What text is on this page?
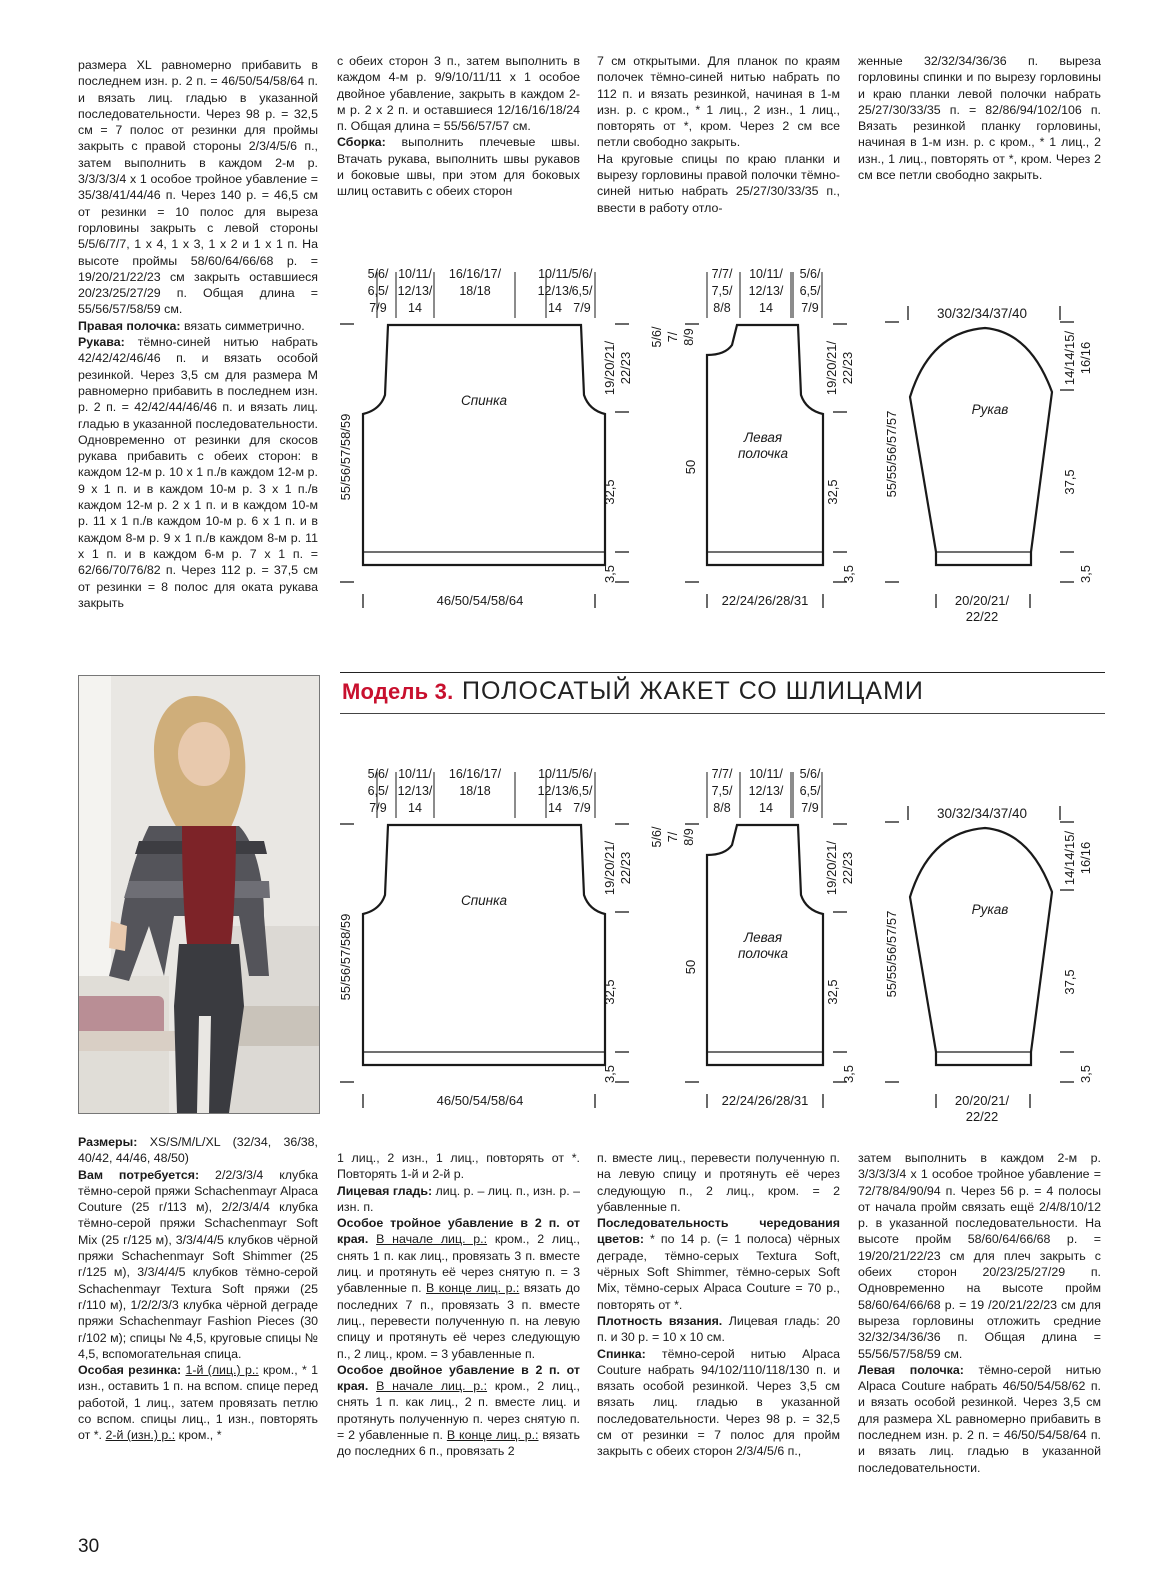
размера XL равномерно прибавить в последнем изн. р. 2 п. = 46/50/54/58/64 п. и вязать лиц. гладью в указанной последовательности. Через 98 р. = 32,5 см = 7 полос от резинки для проймы закрыть с правой стороны 2/3/4/5/6 п., затем выполнить в каждом 2-м р. 3/3/3/3/4 х 1 особое тройное убавление = 35/38/41/44/46 п. Через 140 р. = 46,5 см от резинки = 10 полос для выреза горловины закрыть с левой стороны 5/5/6/7/7, 1 х 4, 1 х 3, 1 х 2 и 1 х 1 п. На высоте проймы 58/60/64/66/68 р. = 19/20/21/22/23 см закрыть оставшиеся 20/23/25/27/29 п. Общая длина = 55/56/57/58/59 см.

Правая полочка: вязать симметрично.

Рукава: тёмно-синей нитью набрать 42/42/42/46/46 п. и вязать особой резинкой. Через 3,5 см для размера M равномерно прибавить в последнем изн. р. 2 п. = 42/42/44/46/46 п. и вязать лиц. гладью в указанной последовательности. Одновременно от резинки для скосов рукава прибавить с обеих сторон: в каждом 12-м р. 10 х 1 п./в каждом 12-м р. 9 х 1 п. и в каждом 10-м р. 3 х 1 п./в каждом 12-м р. 2 х 1 п. и в каждом 10-м р. 11 х 1 п./в каждом 10-м р. 6 х 1 п. и в каждом 8-м р. 9 х 1 п./в каждом 8-м р. 11 х 1 п. и в каждом 6-м р. 7 х 1 п. = 62/66/70/76/82 п. Через 112 р. = 37,5 см от резинки = 8 полос для оката рукава закрыть

с обеих сторон 3 п., затем выполнить в каждом 4-м р. 9/9/10/11/11 х 1 особое двойное убавление, закрыть в каждом 2-м р. 2 х 2 п. и оставшиеся 12/16/16/18/24 п. Общая длина = 55/56/57/57 см.

Сборка: выполнить плечевые швы. Втачать рукава, выполнить швы рукавов и боковые швы, при этом для боковых шлиц оставить с обеих сторон

7 см открытыми. Для планок по краям полочек тёмно-синей нитью набрать по 112 п. и вязать резинкой, начиная в 1-м изн. р. с кром., * 1 лиц., 2 изн., 1 лиц., повторять от *, кром. Через 2 см все петли свободно закрыть.

На круговые спицы по краю планки и вырезу горловины правой полочки тёмно-синей нитью набрать 25/27/30/33/35 п., ввести в работу отло-

женные 32/32/34/36/36 п. выреза горловины спинки и по вырезу горловины и краю планки левой полочки набрать 25/27/30/33/35 п. = 82/86/94/102/106 п. Вязать резинкой планку горловины, начиная в 1-м изн. р. с кром., * 1 лиц., 2 изн., 1 лиц., повторять от *, кром. Через 2 см все петли свободно закрыть.

Модель 3. ПОЛОСАТЫЙ ЖАКЕТ СО ШЛИЦАМИ

Размеры: XS/S/M/L/XL (32/34, 36/38, 40/42, 44/46, 48/50)

Вам потребуется: 2/2/3/3/4 клубка тёмно-серой пряжи Schachenmayr Alpaca Couture (25 г/113 м), 2/2/3/4/4 клубка тёмно-серой пряжи Schachenmayr Soft Mix (25 г/125 м), 3/3/4/4/5 клубков чёрной пряжи Schachenmayr Soft Shimmer (25 г/125 м), 3/3/4/4/5 клубков тёмно-серой Schachenmayr Textura Soft пряжи (25 г/110 м), 1/2/2/3/3 клубка чёрной деграде пряжи Schachenmayr Fashion Pieces (30 г/102 м); спицы № 4,5, круговые спицы № 4,5, вспомогательная спица.

Особая резинка: 1-й (лиц.) р.: кром., * 1 изн., оставить 1 п. на вспом. спице перед работой, 1 лиц., затем провязать петлю со вспом. спицы лиц., 1 изн., повторять от *. 2-й (изн.) р.: кром., *

1 лиц., 2 изн., 1 лиц., повторять от *. Повторять 1-й и 2-й р.

Лицевая гладь: лиц. р. – лиц. п., изн. р. – изн. п.

Особое тройное убавление в 2 п. от края. В начале лиц. р.: кром., 2 лиц., снять 1 п. как лиц., провязать 3 п. вместе лиц. и протянуть её через снятую п. = 3 убавленные п. В конце лиц. р.: вязать до последних 7 п., провязать 3 п. вместе лиц., перевести полученную п. на левую спицу и протянуть её через следующую п., 2 лиц., кром. = 3 убавленные п.

Особое двойное убавление в 2 п. от края. В начале лиц. р.: кром., 2 лиц., снять 1 п. как лиц., 2 п. вместе лиц. и протянуть полученную п. через снятую п. = 2 убавленные п. В конце лиц. р.: вязать до последних 6 п., провязать 2

п. вместе лиц., перевести полученную п. на левую спицу и протянуть её через следующую п., 2 лиц., кром. = 2 убавленные п.

Последовательность чередования цветов: * по 14 р. (= 1 полоса) чёрных деграде, тёмно-серых Textura Soft, чёрных Soft Shimmer, тёмно-серых Soft Mix, тёмно-серых Alpaca Couture = 70 р., повторять от *.

Плотность вязания. Лицевая гладь: 20 п. и 30 р. = 10 х 10 см.

Спинка: тёмно-серой нитью Alpaca Couture набрать 94/102/110/118/130 п. и вязать особой резинкой. Через 3,5 см вязать лиц. гладью в указанной последовательности. Через 98 р. = 32,5 см от резинки = 7 полос для пройм закрыть с обеих сторон 2/3/4/5/6 п.,

затем выполнить в каждом 2-м р. 3/3/3/3/4 х 1 особое тройное убавление = 72/78/84/90/94 п. Через 56 р. = 4 полосы от начала пройм связать ещё 2/4/8/10/12 р. в указанной последовательности. На высоте пройм 58/60/64/66/68 р. = 19/20/21/22/23 см для плеч закрыть с обеих сторон 20/23/25/27/29 п. Одновременно на высоте пройм 58/60/64/66/68 р. = 19 /20/21/22/23 см для выреза горловины отложить средние 32/32/34/36/36 п. Общая длина = 55/56/57/58/59 см.

Левая полочка: тёмно-серой нитью Alpaca Couture набрать 46/50/54/58/62 п. и вязать особой резинкой. Через 3,5 см для размера XL равномерно прибавить в последнем изн. р. 2 п. = 46/50/54/58/64 п. и вязать лиц. гладью в указанной последовательности.

30
5/6/
6,5/
7/9
10/11/
12/13/
14
16/16/17/
18/18
10/11/
12/13/
14
5/6/
6,5/
7/9
Спинка
55/56/57/58/59
19/20/21/ 22/23
32,5
3,5
46/50/54/58/64
7/7/
7,5/
8/8
10/11/
12/13/
14
5/6/
6,5/
7/9
Левая
полочка
5/6/ 7/ 8/9
50
19/20/21/ 22/23
32,5
3,5
22/24/26/28/31
30/32/34/37/40
Рукав
14/14/15/ 16/16
55/55/56/57/57	37,5
3,5
20/20/21/
22/22
5/6/
6,5/
7/9
10/11/
12/13/
14
16/16/17/
18/18
10/11/
12/13/
14
5/6/
6,5/
7/9
Спинка
55/56/57/58/59
19/20/21/ 22/23
32,5
3,5
46/50/54/58/64
7/7/
7,5/
8/8
10/11/
12/13/
14
5/6/
6,5/
7/9
Левая
полочка
5/6/ 7/ 8/9
50
19/20/21/ 22/23
32,5
3,5
22/24/26/28/31
30/32/34/37/40
Рукав
14/14/15/ 16/16
55/55/56/57/57	37,5
3,5
20/20/21/
22/22
